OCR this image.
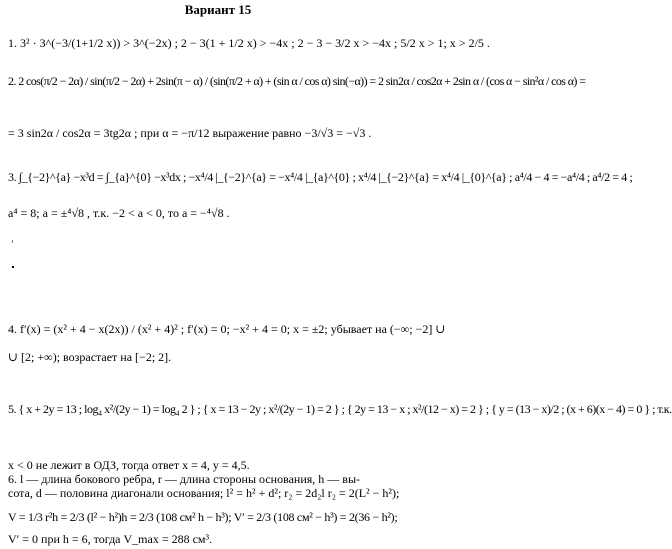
Вариант 15
1. 3² · 3^(−3/(1+1/2 x)) > 3^(−2x) ; 2 − 3(1 + 1/2 x) > −4x ; 2 − 3 − 3/2 x > −4x ; 5/2 x > 1; x > 2/5 .
2. 2 cos(π/2 − 2α) / sin(π/2 − 2α) + 2sin(π − α) / (sin(π/2 + α) + (sin α / cos α) sin(−α)) = 2 sin2α / cos2α + 2sin α / (cos α − sin²α / cos α) =
= 3 sin2α / cos2α = 3tg2α ; при α = −π/12 выражение равно −3/√3 = −√3 .
3. ∫_{−2}^{a} −x³d = ∫_{a}^{0} −x³dx ; −x⁴/4 |_{−2}^{a} = −x⁴/4 |_{a}^{0} ; x⁴/4 |_{−2}^{a} = x⁴/4 |_{0}^{a} ; a⁴/4 − 4 = −a⁴/4 ; a⁴/2 = 4 ;
a⁴ = 8; a = ±⁴√8 , т.к. −2 < a < 0, то a = −⁴√8 .
4. f′(x) = (x² + 4 − x(2x)) / (x² + 4)² ; f′(x) = 0; −x² + 4 = 0; x = ±2; убывает на (−∞; −2] ∪
∪ [2; +∞); возрастает на [−2; 2].
5. { x + 2y = 13 ; log₄ x²/(2y − 1) = log₄ 2 } ; { x = 13 − 2y ; x²/(2y − 1) = 2 } ; { 2y = 13 − x ; x²/(12 − x) = 2 } ; { y = (13 − x)/2 ; (x + 6)(x − 4) = 0 } ; т.к.
x < 0 не лежит в ОДЗ, тогда ответ x = 4, y = 4,5.
6. l — длина бокового ребра, r — длина стороны основания, h — вы-
сота, d — половина диагонали основания; l² = h² + d²; r₂ = 2d₂l r₂ = 2(L² − h²);
V = 1/3 r²h = 2/3 (l² − h²)h = 2/3 (108 см² h − h³); V′ = 2/3 (108 см² − h³) = 2(36 − h²);
V′ = 0 при h = 6, тогда V_max = 288 см³.
